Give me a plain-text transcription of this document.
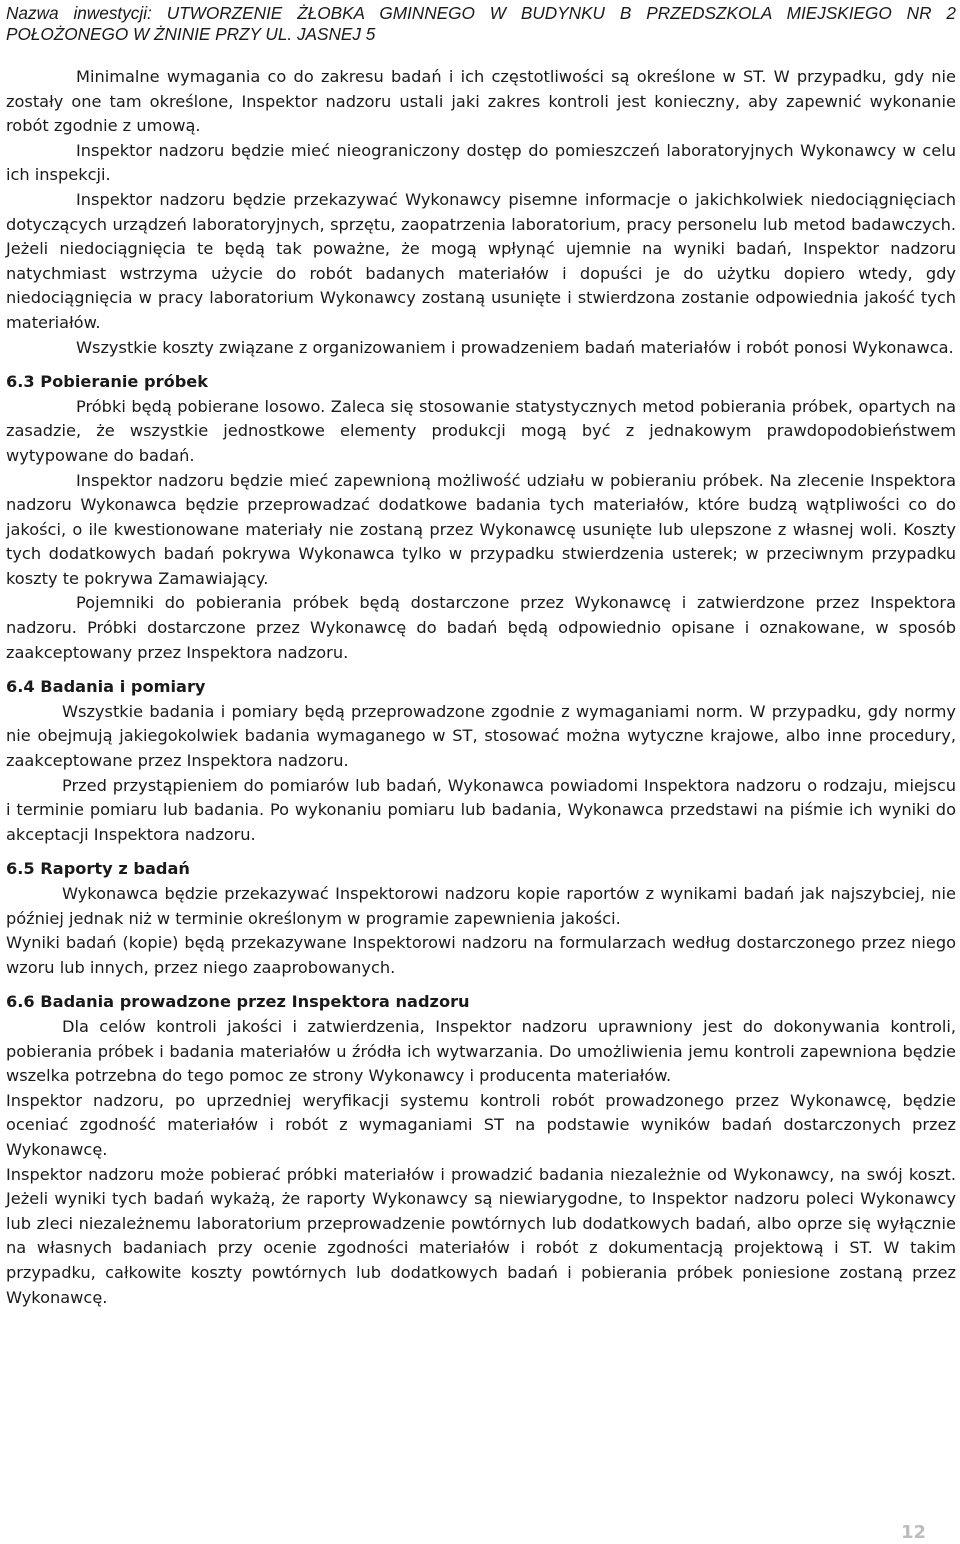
Nazwa inwestycji: UTWORZENIE ŻŁOBKA GMINNEGO W BUDYNKU B PRZEDSZKOLA MIEJSKIEGO NR 2 POŁOŻONEGO W ŻNINIE PRZY UL. JASNEJ 5

Minimalne wymagania co do zakresu badań i ich częstotliwości są określone w ST. W przypadku, gdy nie zostały one tam określone, Inspektor nadzoru ustali jaki zakres kontroli jest konieczny, aby zapewnić wykonanie robót zgodnie z umową.

Inspektor nadzoru będzie mieć nieograniczony dostęp do pomieszczeń laboratoryjnych Wykonawcy w celu ich inspekcji.

Inspektor nadzoru będzie przekazywać Wykonawcy pisemne informacje o jakichkolwiek niedociągnięciach dotyczących urządzeń laboratoryjnych, sprzętu, zaopatrzenia laboratorium, pracy personelu lub metod badawczych. Jeżeli niedociągnięcia te będą tak poważne, że mogą wpłynąć ujemnie na wyniki badań, Inspektor nadzoru natychmiast wstrzyma użycie do robót badanych materiałów i dopuści je do użytku dopiero wtedy, gdy niedociągnięcia w pracy laboratorium Wykonawcy zostaną usunięte i stwierdzona zostanie odpowiednia jakość tych materiałów.

Wszystkie koszty związane z organizowaniem i prowadzeniem badań materiałów i robót ponosi Wykonawca.

6.3 Pobieranie próbek

Próbki będą pobierane losowo. Zaleca się stosowanie statystycznych metod pobierania próbek, opartych na zasadzie, że wszystkie jednostkowe elementy produkcji mogą być z jednakowym prawdopodobieństwem wytypowane do badań.

Inspektor nadzoru będzie mieć zapewnioną możliwość udziału w pobieraniu próbek. Na zlecenie Inspektora nadzoru Wykonawca będzie przeprowadzać dodatkowe badania tych materiałów, które budzą wątpliwości co do jakości, o ile kwestionowane materiały nie zostaną przez Wykonawcę usunięte lub ulepszone z własnej woli. Koszty tych dodatkowych badań pokrywa Wykonawca tylko w przypadku stwierdzenia usterek; w przeciwnym przypadku koszty te pokrywa Zamawiający.

Pojemniki do pobierania próbek będą dostarczone przez Wykonawcę i zatwierdzone przez Inspektora nadzoru. Próbki dostarczone przez Wykonawcę do badań będą odpowiednio opisane i oznakowane, w sposób zaakceptowany przez Inspektora nadzoru.

6.4 Badania i pomiary

Wszystkie badania i pomiary będą przeprowadzone zgodnie z wymaganiami norm. W przypadku, gdy normy nie obejmują jakiegokolwiek badania wymaganego w ST, stosować można wytyczne krajowe, albo inne procedury, zaakceptowane przez Inspektora nadzoru.

Przed przystąpieniem do pomiarów lub badań, Wykonawca powiadomi Inspektora nadzoru o rodzaju, miejscu i terminie pomiaru lub badania. Po wykonaniu pomiaru lub badania, Wykonawca przedstawi na piśmie ich wyniki do akceptacji Inspektora nadzoru.

6.5 Raporty z badań

Wykonawca będzie przekazywać Inspektorowi nadzoru kopie raportów z wynikami badań jak najszybciej, nie później jednak niż w terminie określonym w programie zapewnienia jakości.

Wyniki badań (kopie) będą przekazywane Inspektorowi nadzoru na formularzach według dostarczonego przez niego wzoru lub innych, przez niego zaaprobowanych.

6.6 Badania prowadzone przez Inspektora nadzoru

Dla celów kontroli jakości i zatwierdzenia, Inspektor nadzoru uprawniony jest do dokonywania kontroli, pobierania próbek i badania materiałów u źródła ich wytwarzania. Do umożliwienia jemu kontroli zapewniona będzie wszelka potrzebna do tego pomoc ze strony Wykonawcy i producenta materiałów.

Inspektor nadzoru, po uprzedniej weryfikacji systemu kontroli robót prowadzonego przez Wykonawcę, będzie oceniać zgodność materiałów i robót z wymaganiami ST na podstawie wyników badań dostarczonych przez Wykonawcę.

Inspektor nadzoru może pobierać próbki materiałów i prowadzić badania niezależnie od Wykonawcy, na swój koszt. Jeżeli wyniki tych badań wykażą, że raporty Wykonawcy są niewiarygodne, to Inspektor nadzoru poleci Wykonawcy lub zleci niezależnemu laboratorium przeprowadzenie powtórnych lub dodatkowych badań, albo oprze się wyłącznie na własnych badaniach przy ocenie zgodności materiałów i robót z dokumentacją projektową i ST. W takim przypadku, całkowite koszty powtórnych lub dodatkowych badań i pobierania próbek poniesione zostaną przez Wykonawcę.

12
